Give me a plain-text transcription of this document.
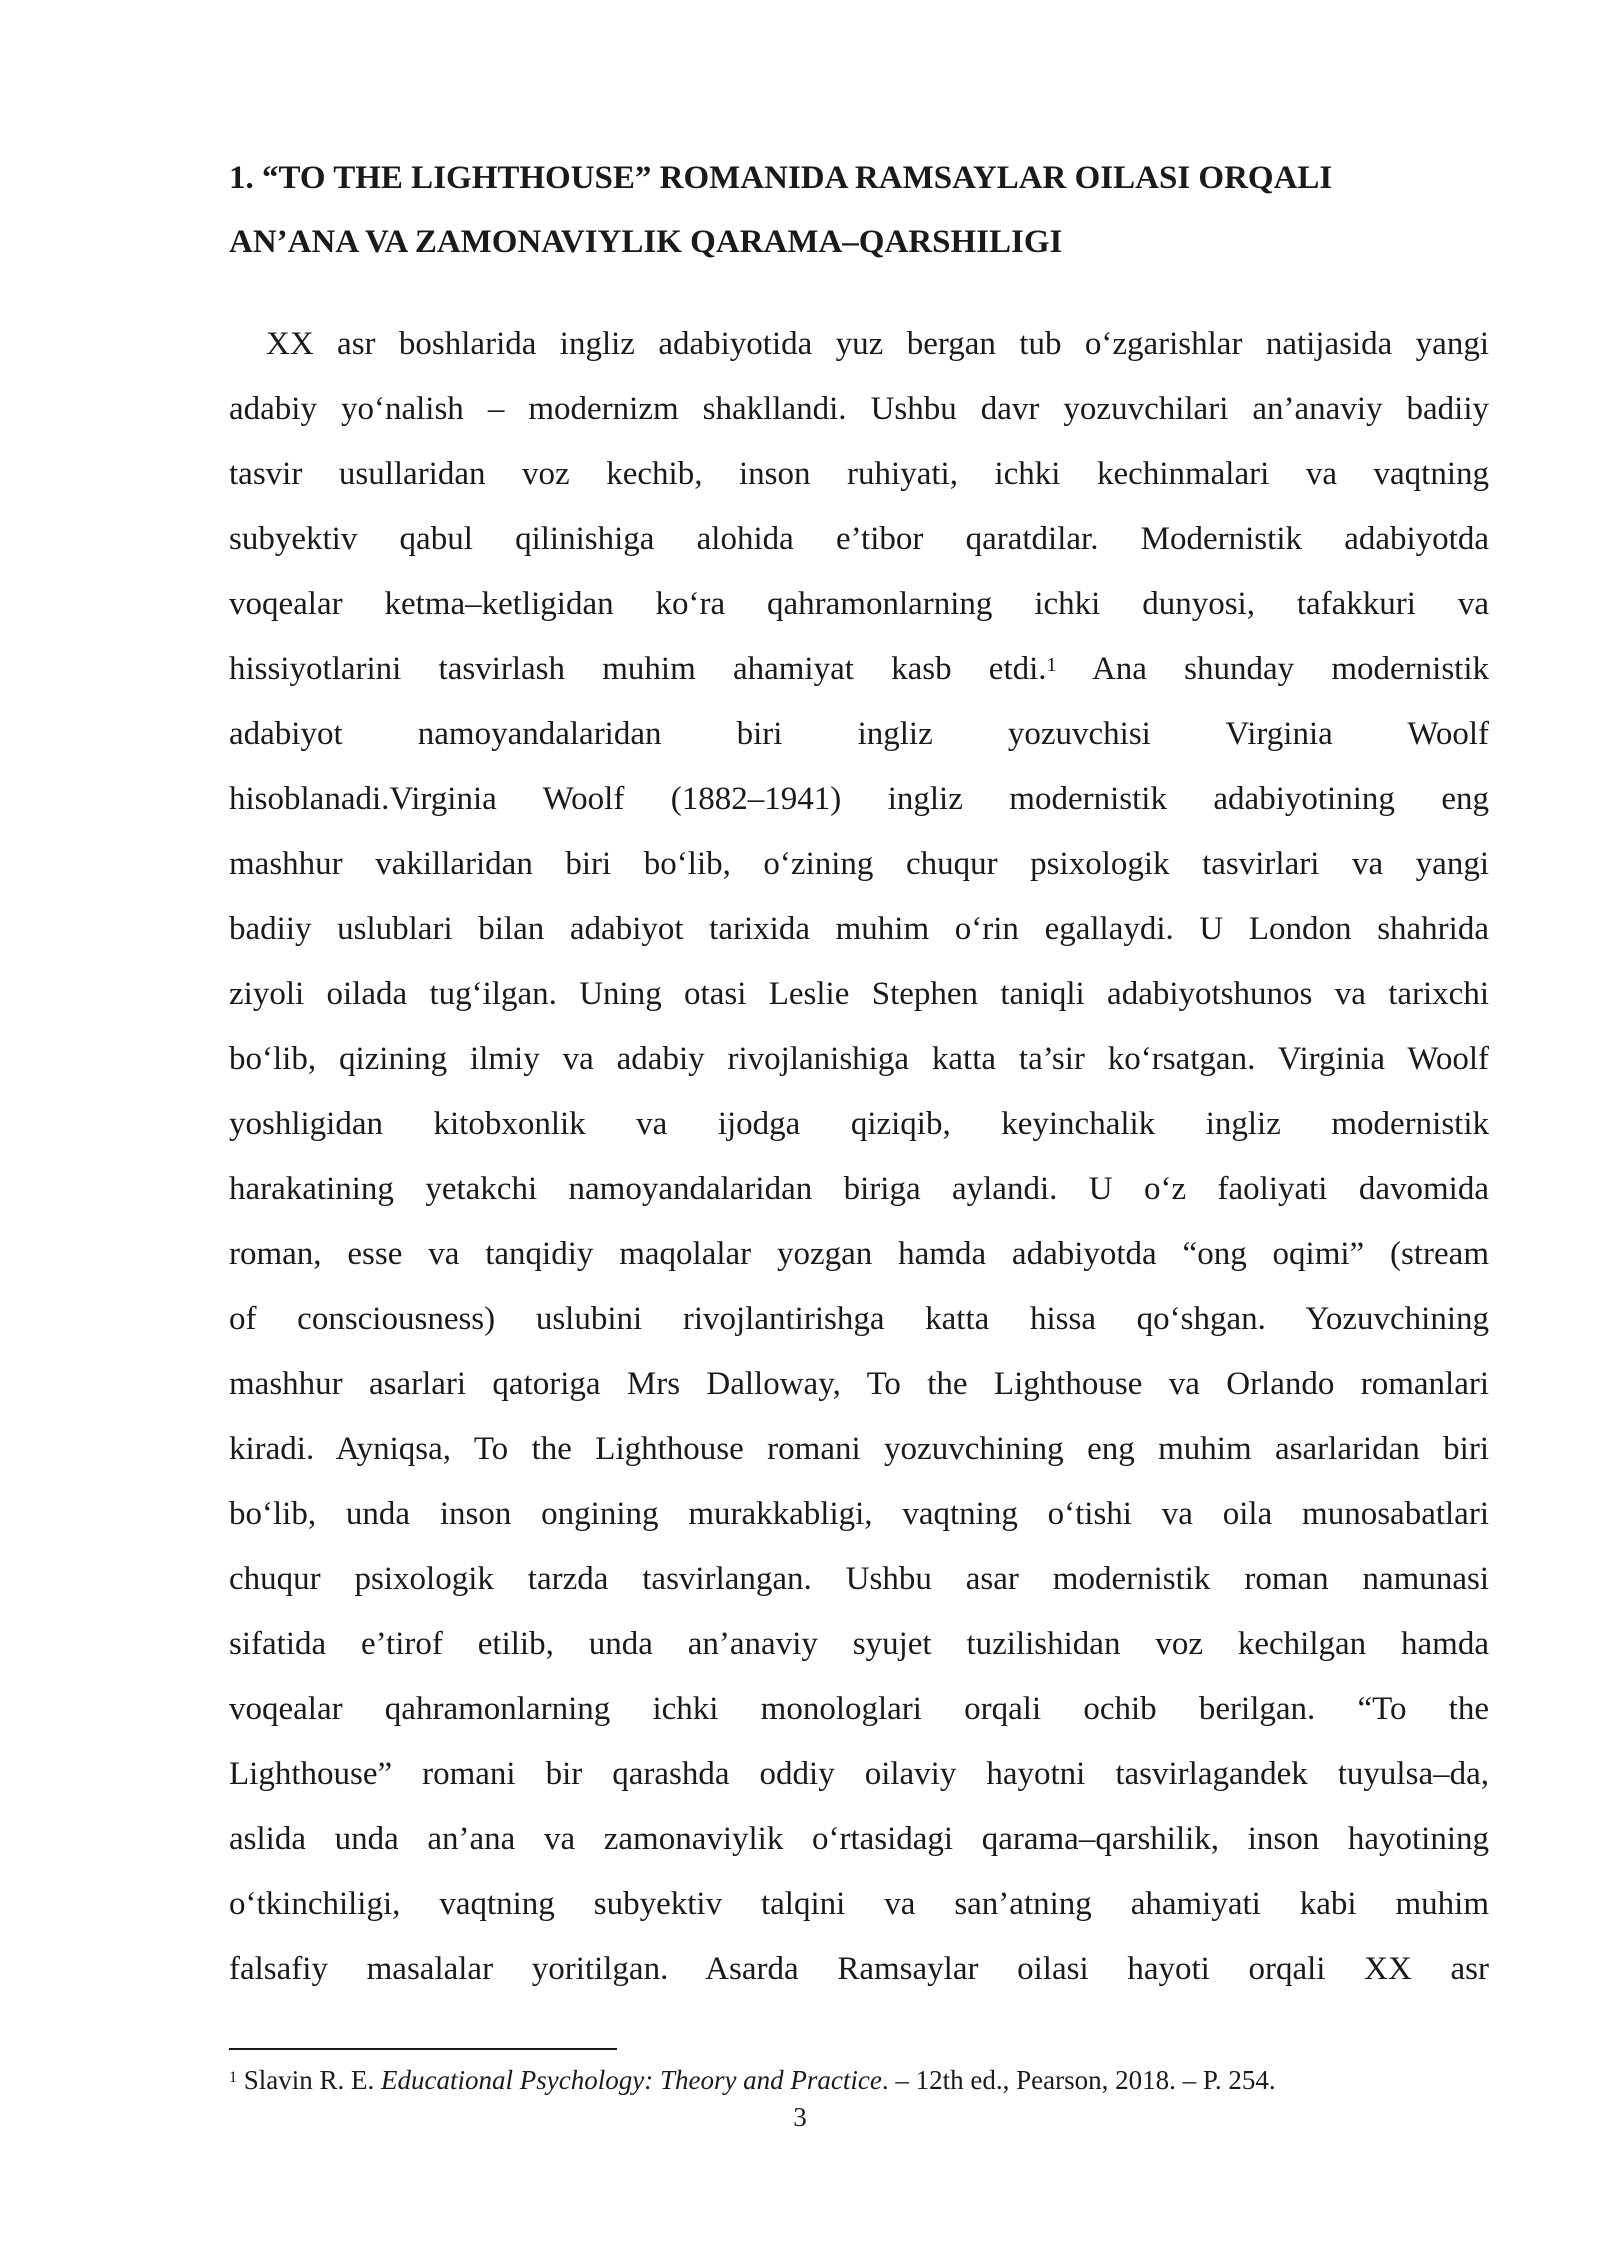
1. “TO THE LIGHTHOUSE” ROMANIDA RAMSAYLAR OILASI ORQALI
AN’ANA VA ZAMONAVIYLIK QARAMA–QARSHILIGI
XX asr boshlarida ingliz adabiyotida yuz bergan tub o‘zgarishlar natijasida yangi
adabiy yo‘nalish – modernizm shakllandi. Ushbu davr yozuvchilari an’anaviy badiiy
tasvir usullaridan voz kechib, inson ruhiyati, ichki kechinmalari va vaqtning
subyektiv qabul qilinishiga alohida e’tibor qaratdilar. Modernistik adabiyotda
voqealar ketma–ketligidan ko‘ra qahramonlarning ichki dunyosi, tafakkuri va
hissiyotlarini tasvirlash muhim ahamiyat kasb etdi.$^1$ Ana shunday modernistik
adabiyot namoyandalaridan biri ingliz yozuvchisi Virginia Woolf
hisoblanadi.Virginia Woolf (1882–1941) ingliz modernistik adabiyotining eng
mashhur vakillaridan biri bo‘lib, o‘zining chuqur psixologik tasvirlari va yangi
badiiy uslublari bilan adabiyot tarixida muhim o‘rin egallaydi. U London shahrida
ziyoli oilada tug‘ilgan. Uning otasi Leslie Stephen taniqli adabiyotshunos va tarixchi
bo‘lib, qizining ilmiy va adabiy rivojlanishiga katta ta’sir ko‘rsatgan. Virginia Woolf
yoshligidan kitobxonlik va ijodga qiziqib, keyinchalik ingliz modernistik
harakatining yetakchi namoyandalaridan biriga aylandi. U o‘z faoliyati davomida
roman, esse va tanqidiy maqolalar yozgan hamda adabiyotda “ong oqimi” (stream
of consciousness) uslubini rivojlantirishga katta hissa qo‘shgan. Yozuvchining
mashhur asarlari qatoriga Mrs Dalloway, To the Lighthouse va Orlando romanlari
kiradi. Ayniqsa, To the Lighthouse romani yozuvchining eng muhim asarlaridan biri
bo‘lib, unda inson ongining murakkabligi, vaqtning o‘tishi va oila munosabatlari
chuqur psixologik tarzda tasvirlangan. Ushbu asar modernistik roman namunasi
sifatida e’tirof etilib, unda an’anaviy syujet tuzilishidan voz kechilgan hamda
voqealar qahramonlarning ichki monologlari orqali ochib berilgan. “To the
Lighthouse” romani bir qarashda oddiy oilaviy hayotni tasvirlagandek tuyulsa–da,
aslida unda an’ana va zamonaviylik o‘rtasidagi qarama–qarshilik, inson hayotining
o‘tkinchiligi, vaqtning subyektiv talqini va san’atning ahamiyati kabi muhim
falsafiy masalalar yoritilgan. Asarda Ramsaylar oilasi hayoti orqali XX asr
$^1$ Slavin R. E. Educational Psychology: Theory and Practice. – 12th ed., Pearson, 2018. – P. 254.
3
